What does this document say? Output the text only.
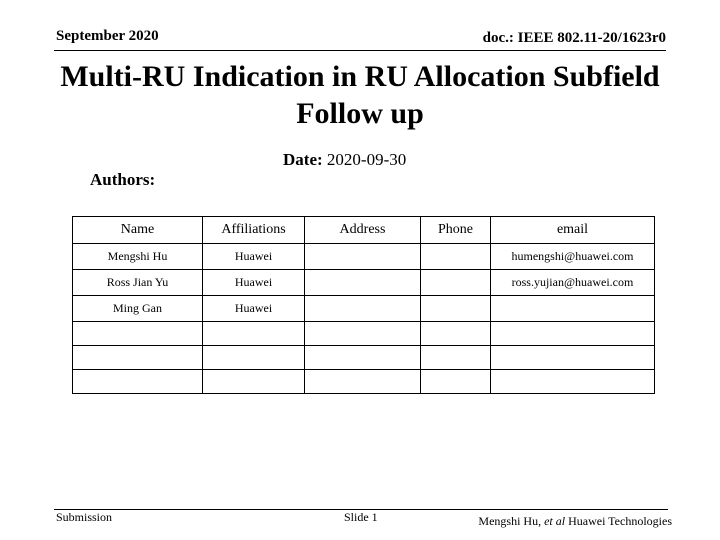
September 2020	doc.: IEEE 802.11-20/1623r0
Multi-RU Indication in RU Allocation Subfield
Follow up
Date: 2020-09-30
Authors:
Name	Affiliations	Address	Phone	email
Mengshi Hu	Huawei			humengshi@huawei.com
Ross Jian Yu	Huawei			ross.yujian@huawei.com
Ming Gan	Huawei			

Submission	Slide 1	Mengshi Hu, et al Huawei Technologies
